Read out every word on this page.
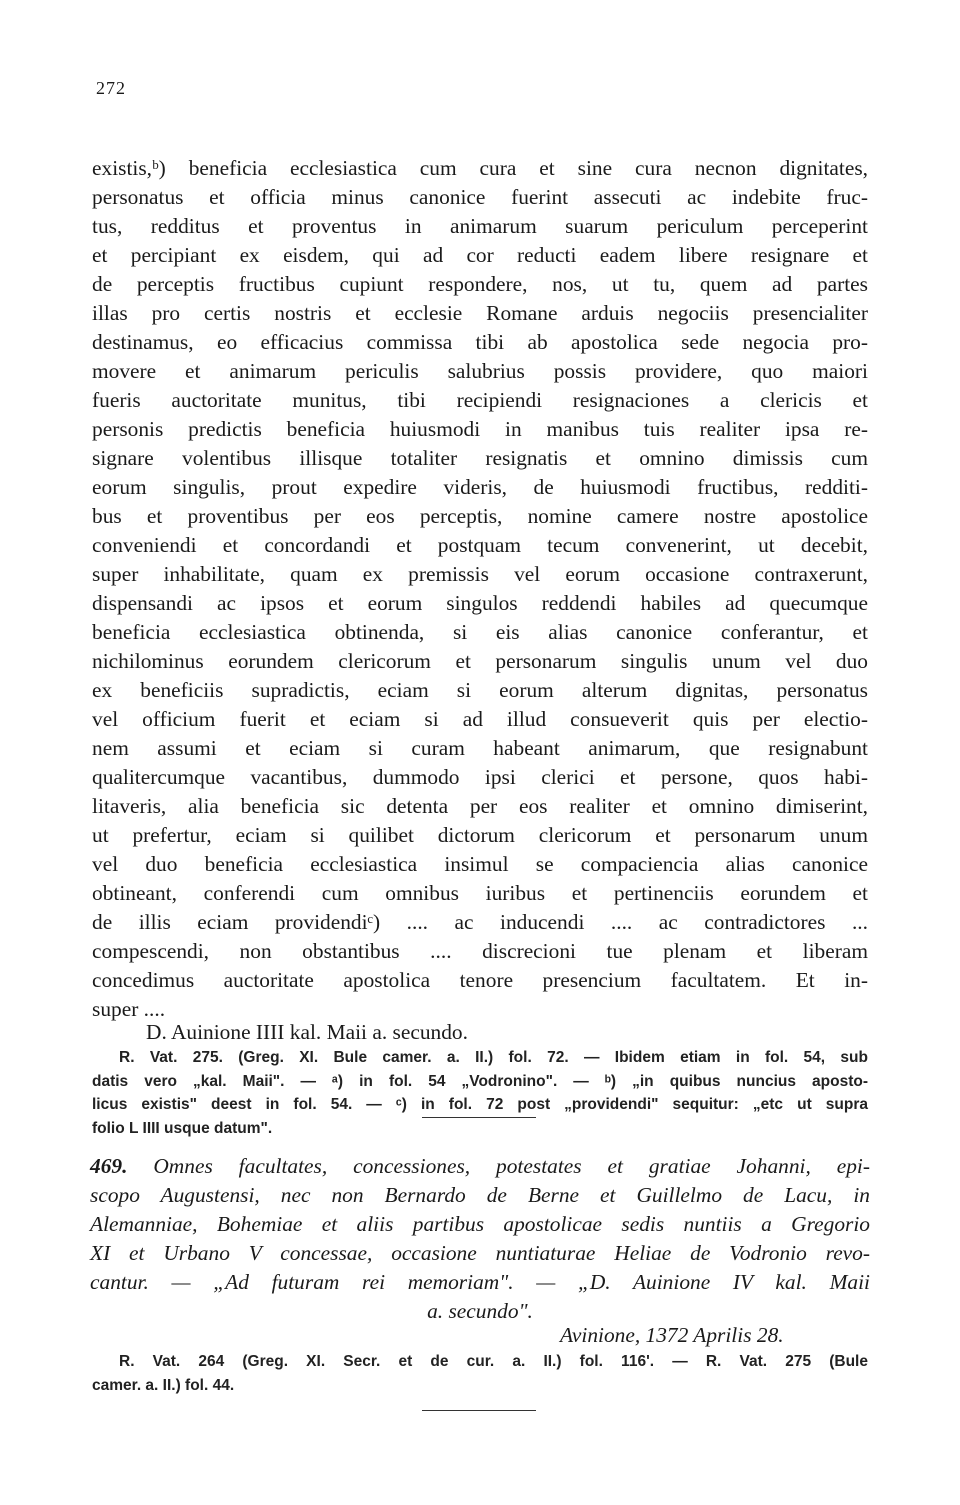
272
existis,ᵇ) beneficia ecclesiastica cum cura et sine cura necnon dignitates,
personatus et officia minus canonice fuerint assecuti ac indebite fruc-
tus, redditus et proventus in animarum suarum periculum perceperint
et percipiant ex eisdem, qui ad cor reducti eadem libere resignare et
de perceptis fructibus cupiunt respondere, nos, ut tu, quem ad partes
illas pro certis nostris et ecclesie Romane arduis negociis presencialiter
destinamus, eo efficacius commissa tibi ab apostolica sede negocia pro-
movere et animarum periculis salubrius possis providere, quo maiori
fueris auctoritate munitus, tibi recipiendi resignaciones a clericis et
personis predictis beneficia huiusmodi in manibus tuis realiter ipsa re-
signare volentibus illisque totaliter resignatis et omnino dimissis cum
eorum singulis, prout expedire videris, de huiusmodi fructibus, redditi-
bus et proventibus per eos perceptis, nomine camere nostre apostolice
conveniendi et concordandi et postquam tecum convenerint, ut decebit,
super inhabilitate, quam ex premissis vel eorum occasione contraxerunt,
dispensandi ac ipsos et eorum singulos reddendi habiles ad quecumque
beneficia ecclesiastica obtinenda, si eis alias canonice conferantur, et
nichilominus eorundem clericorum et personarum singulis unum vel duo
ex beneficiis supradictis, eciam si eorum alterum dignitas, personatus
vel officium fuerit et eciam si ad illud consueverit quis per electio-
nem assumi et eciam si curam habeant animarum, que resignabunt
qualitercumque vacantibus, dummodo ipsi clerici et persone, quos habi-
litaveris, alia beneficia sic detenta per eos realiter et omnino dimiserint,
ut prefertur, eciam si quilibet dictorum clericorum et personarum unum
vel duo beneficia ecclesiastica insimul se compaciencia alias canonice
obtineant, conferendi cum omnibus iuribus et pertinenciis eorundem et
de illis eciam providendiᶜ) .... ac inducendi .... ac contradictores ...
compescendi, non obstantibus .... discrecioni tue plenam et liberam
concedimus auctoritate apostolica tenore presencium facultatem. Et in-
super ....
D. Auinione IIII kal. Maii a. secundo.
R. Vat. 275. (Greg. XI. Bule camer. a. II.) fol. 72. — Ibidem etiam in fol. 54, sub
datis vero „kal. Maii". — ᵃ) in fol. 54 „Vodronino". — ᵇ) „in quibus nuncius aposto-
licus existis" deest in fol. 54. — ᶜ) in fol. 72 post „providendi" sequitur: „etc ut supra
folio L IIII usque datum".
469. Omnes facultates, concessiones, potestates et gratiae Johanni, epi-
scopo Augustensi, nec non Bernardo de Berne et Guillelmo de Lacu, in
Alemanniae, Bohemiae et aliis partibus apostolicae sedis nuntiis a Gregorio
XI et Urbano V concessae, occasione nuntiaturae Heliae de Vodronio revo-
cantur. — „Ad futuram rei memoriam". — „D. Auinione IV kal. Maii
a. secundo".
Avinione, 1372 Aprilis 28.
R. Vat. 264 (Greg. XI. Secr. et de cur. a. II.) fol. 116'. — R. Vat. 275 (Bule
camer. a. II.) fol. 44.
